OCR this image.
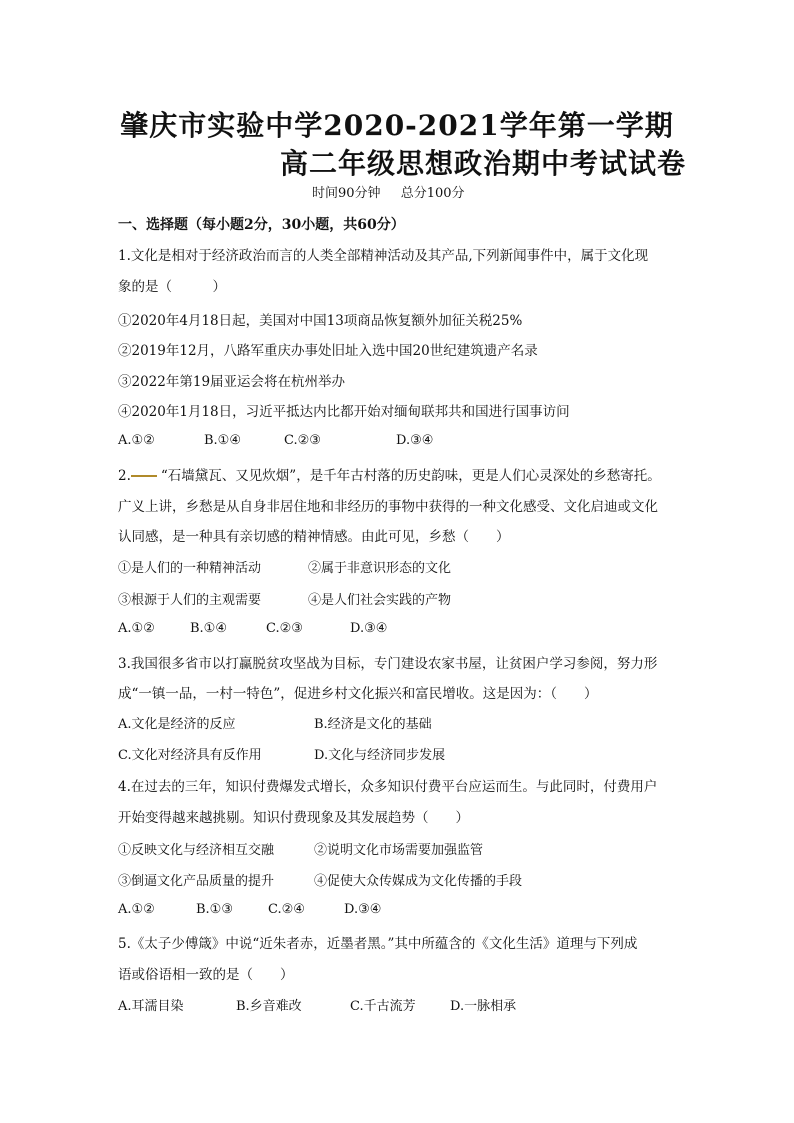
肇庆市实验中学2020-2021学年第一学期
高二年级思想政治期中考试试卷
时间90分钟 总分100分
一、选择题（每小题2分，30小题，共60分）
1.文化是相对于经济政治而言的人类全部精神活动及其产品,下列新闻事件中，属于文化现
象的是（　　　）
①2020年4月18日起，美国对中国13项商品恢复额外加征关税25%
②2019年12月，八路军重庆办事处旧址入选中国20世纪建筑遗产名录
③2022年第19届亚运会将在杭州举办
④2020年1月18日，习近平抵达内比都开始对缅甸联邦共和国进行国事访问
A.①②	B.①④	C.②③	D.③④
2. “石墙黛瓦、又见炊烟”，是千年古村落的历史韵味，更是人们心灵深处的乡愁寄托。
广义上讲，乡愁是从自身非居住地和非经历的事物中获得的一种文化感受、文化启迪或文化
认同感，是一种具有亲切感的精神情感。由此可见，乡愁（　　）
①是人们的一种精神活动	②属于非意识形态的文化
③根源于人们的主观需要	④是人们社会实践的产物
A.①②	B.①④	C.②③	D.③④
3.我国很多省市以打赢脱贫攻坚战为目标，专门建设农家书屋，让贫困户学习参阅，努力形
成“一镇一品，一村一特色”，促进乡村文化振兴和富民增收。这是因为：（　　）
A.文化是经济的反应	B.经济是文化的基础
C.文化对经济具有反作用	D.文化与经济同步发展
4.在过去的三年，知识付费爆发式增长，众多知识付费平台应运而生。与此同时，付费用户
开始变得越来越挑剔。知识付费现象及其发展趋势（　　）
①反映文化与经济相互交融	②说明文化市场需要加强监管
③倒逼文化产品质量的提升	④促使大众传媒成为文化传播的手段
A.①②	B.①③	C.②④	D.③④
5.《太子少傅箴》中说“近朱者赤，近墨者黑。”其中所蕴含的《文化生活》道理与下列成
语或俗语相一致的是（　　）
A.耳濡目染	B.乡音难改	C.千古流芳	D.一脉相承
